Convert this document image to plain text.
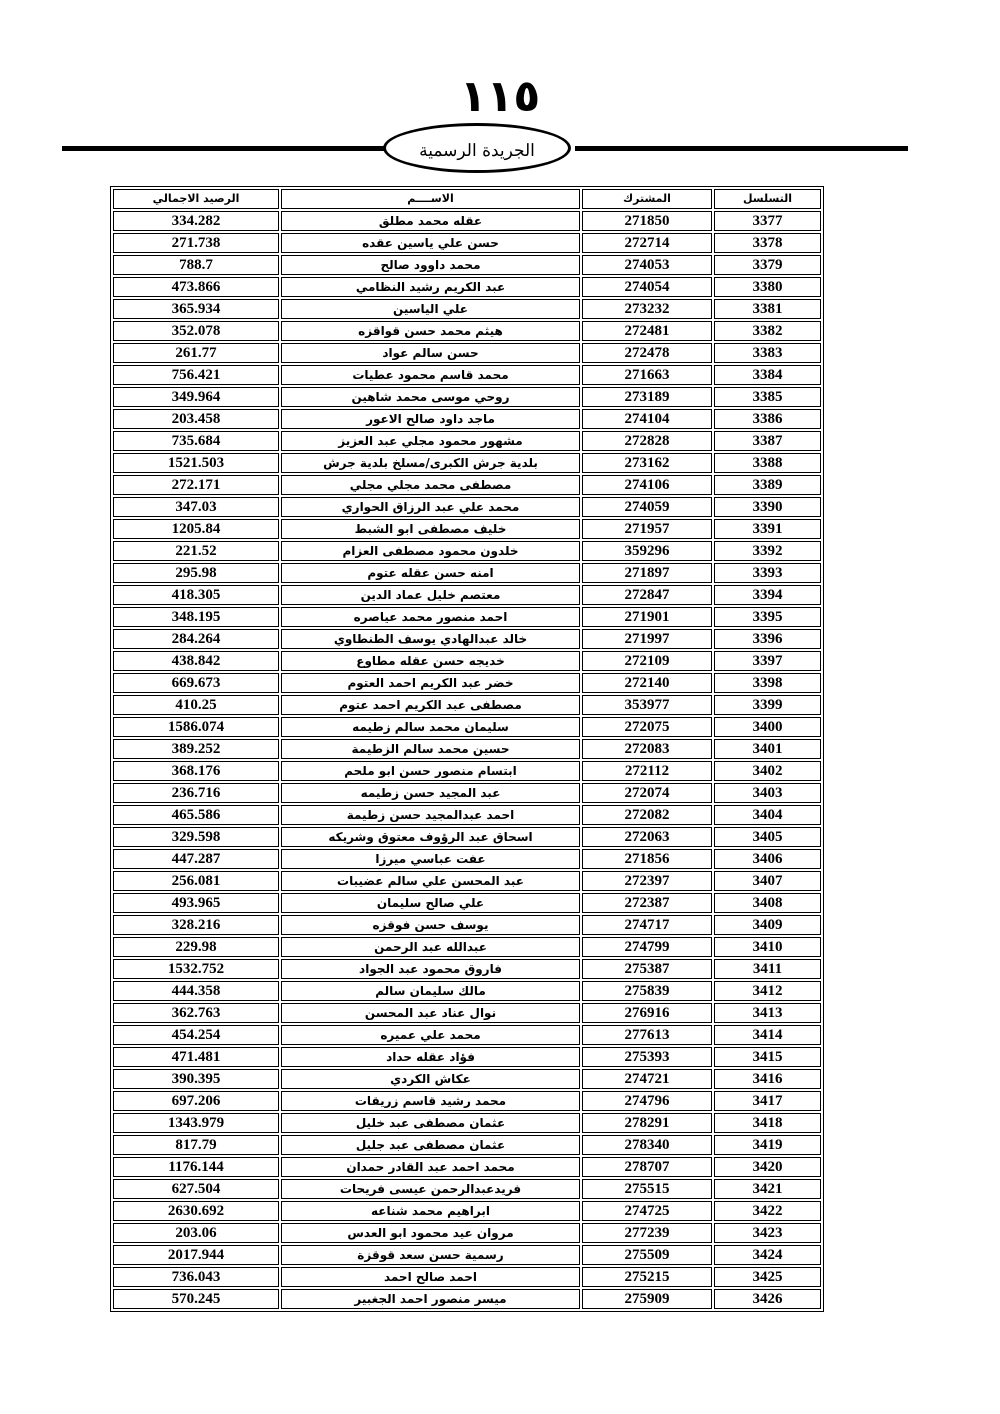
١١٥
الجريدة الرسمية
الرصيد الاجمالي	الاســــم	المشترك	التسلسل
334.282	عقله محمد مطلق	271850	3377
271.738	حسن علي ياسين عقده	272714	3378
788.7	محمد داوود صالح	274053	3379
473.866	عبد الكريم رشيد النظامي	274054	3380
365.934	علي الياسين	273232	3381
352.078	هيثم محمد حسن قواقزه	272481	3382
261.77	حسن سالم عواد	272478	3383
756.421	محمد قاسم محمود عطيات	271663	3384
349.964	روحي موسى محمد شاهين	273189	3385
203.458	ماجد داود صالح الاعور	274104	3386
735.684	مشهور محمود مجلي عبد العزيز	272828	3387
1521.503	بلدية جرش الكبرى/مسلخ بلدية جرش	273162	3388
272.171	مصطفى محمد مجلي مجلي	274106	3389
347.03	محمد علي عبد الرزاق الحواري	274059	3390
1205.84	خليف مصطفى ابو الشبط	271957	3391
221.52	خلدون محمود مصطفى العزام	359296	3392
295.98	امنه حسن عقله عتوم	271897	3393
418.305	معتصم خليل عماد الدين	272847	3394
348.195	احمد منصور محمد عياصره	271901	3395
284.264	خالد عبدالهادي يوسف الطنطاوي	271997	3396
438.842	خديجه حسن عقله مطاوع	272109	3397
669.673	خضر عبد الكريم احمد العتوم	272140	3398
410.25	مصطفى عبد الكريم احمد عتوم	353977	3399
1586.074	سليمان محمد سالم زطيمه	272075	3400
389.252	حسين محمد سالم الزطيمة	272083	3401
368.176	ابتسام منصور حسن ابو ملحم	272112	3402
236.716	عبد المجيد حسن زطيمه	272074	3403
465.586	احمد عبدالمجيد حسن زطيمة	272082	3404
329.598	اسحاق عبد الرؤوف معتوق وشريكه	272063	3405
447.287	عفت عباسي ميرزا	271856	3406
256.081	عبد المحسن علي سالم عضيبات	272397	3407
493.965	علي صالح سليمان	272387	3408
328.216	يوسف حسن فوقزه	274717	3409
229.98	عبدالله عبد الرحمن	274799	3410
1532.752	فاروق محمود عبد الجواد	275387	3411
444.358	مالك سليمان سالم	275839	3412
362.763	نوال عناد عبد المحسن	276916	3413
454.254	محمد علي عميره	277613	3414
471.481	فؤاد عقله حداد	275393	3415
390.395	عكاش الكردي	274721	3416
697.206	محمد رشيد قاسم زريقات	274796	3417
1343.979	عثمان مصطفى عبد خليل	278291	3418
817.79	عثمان مصطفى عبد جليل	278340	3419
1176.144	محمد احمد عبد القادر حمدان	278707	3420
627.504	فريدعبدالرحمن عيسى فريحات	275515	3421
2630.692	ابراهيم محمد شناعه	274725	3422
203.06	مروان عيد محمود ابو العدس	277239	3423
2017.944	رسمية حسن سعد قوقزة	275509	3424
736.043	احمد صالح احمد	275215	3425
570.245	ميسر منصور احمد الجغبير	275909	3426
